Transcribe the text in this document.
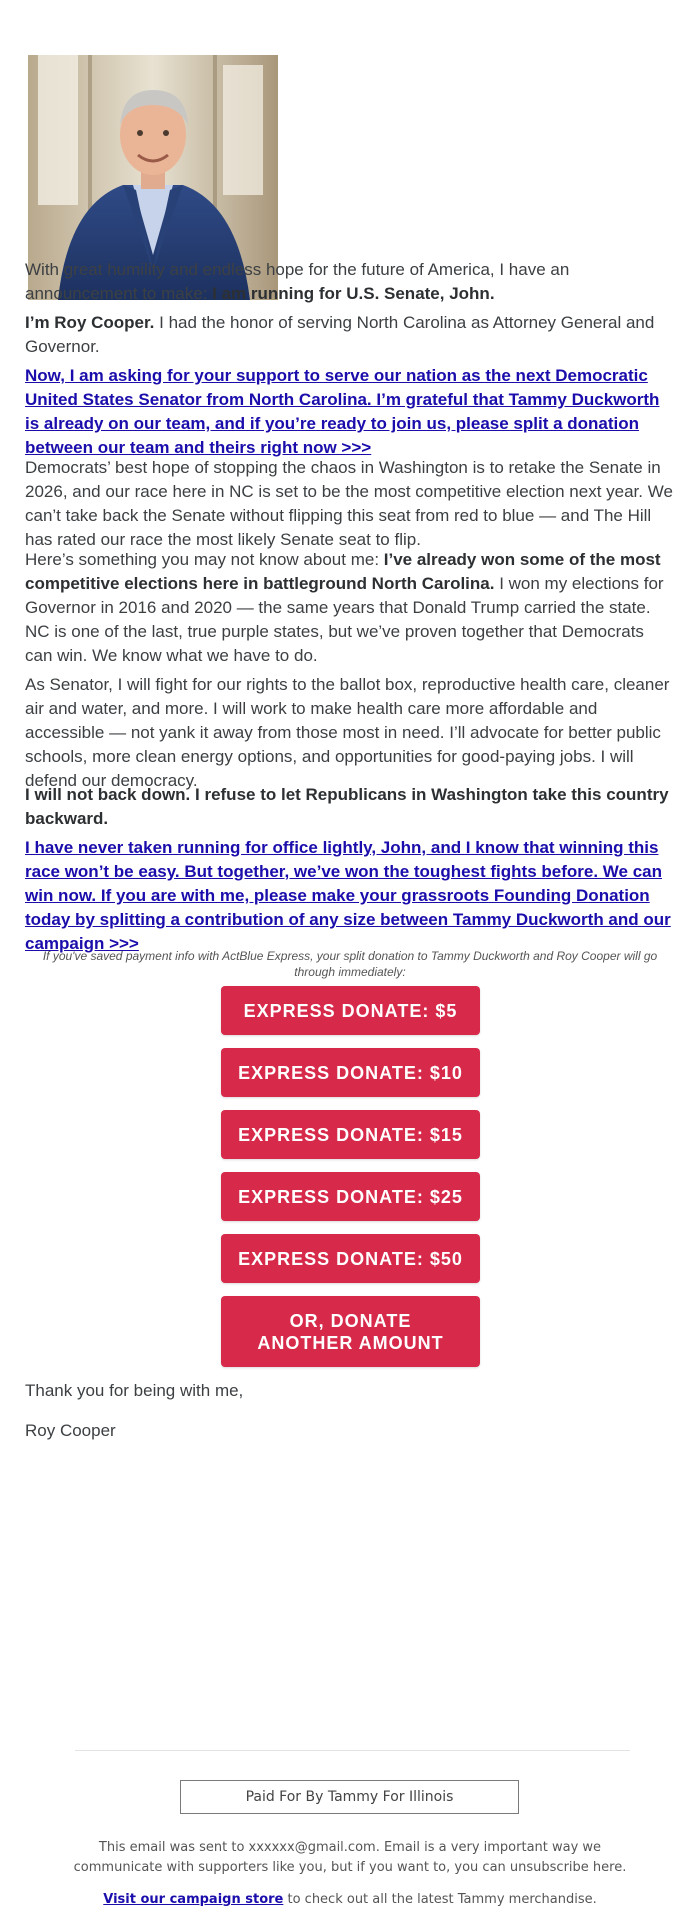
With great humility and endless hope for the future of America, I have an announcement to make: I am running for U.S. Senate, John.

I’m Roy Cooper. I had the honor of serving North Carolina as Attorney General and Governor.

Now, I am asking for your support to serve our nation as the next Democratic United States Senator from North Carolina. I’m grateful that Tammy Duckworth is already on our team, and if you’re ready to join us, please split a donation between our team and theirs right now >>>

Democrats’ best hope of stopping the chaos in Washington is to retake the Senate in 2026, and our race here in NC is set to be the most competitive election next year. We can’t take back the Senate without flipping this seat from red to blue — and The Hill has rated our race the most likely Senate seat to flip.

Here’s something you may not know about me: I’ve already won some of the most competitive elections here in battleground North Carolina. I won my elections for Governor in 2016 and 2020 — the same years that Donald Trump carried the state.

NC is one of the last, true purple states, but we’ve proven together that Democrats can win. We know what we have to do.

As Senator, I will fight for our rights to the ballot box, reproductive health care, cleaner air and water, and more. I will work to make health care more affordable and accessible — not yank it away from those most in need. I’ll advocate for better public schools, more clean energy options, and opportunities for good-paying jobs. I will defend our democracy.

I will not back down. I refuse to let Republicans in Washington take this country backward.

I have never taken running for office lightly, John, and I know that winning this race won’t be easy. But together, we’ve won the toughest fights before. We can win now. If you are with me, please make your grassroots Founding Donation today by splitting a contribution of any size between Tammy Duckworth and our campaign >>>

If you've saved payment info with ActBlue Express, your split donation to Tammy Duckworth and Roy Cooper will go through immediately:
EXPRESS DONATE: $5
EXPRESS DONATE: $10
EXPRESS DONATE: $15
EXPRESS DONATE: $25
EXPRESS DONATE: $50
OR, DONATE ANOTHER AMOUNT

Thank you for being with me,

Roy Cooper

Paid For By Tammy For Illinois
This email was sent to xxxxxx@gmail.com. Email is a very important way we communicate with supporters like you, but if you want to, you can unsubscribe here.
Visit our campaign store to check out all the latest Tammy merchandise.
